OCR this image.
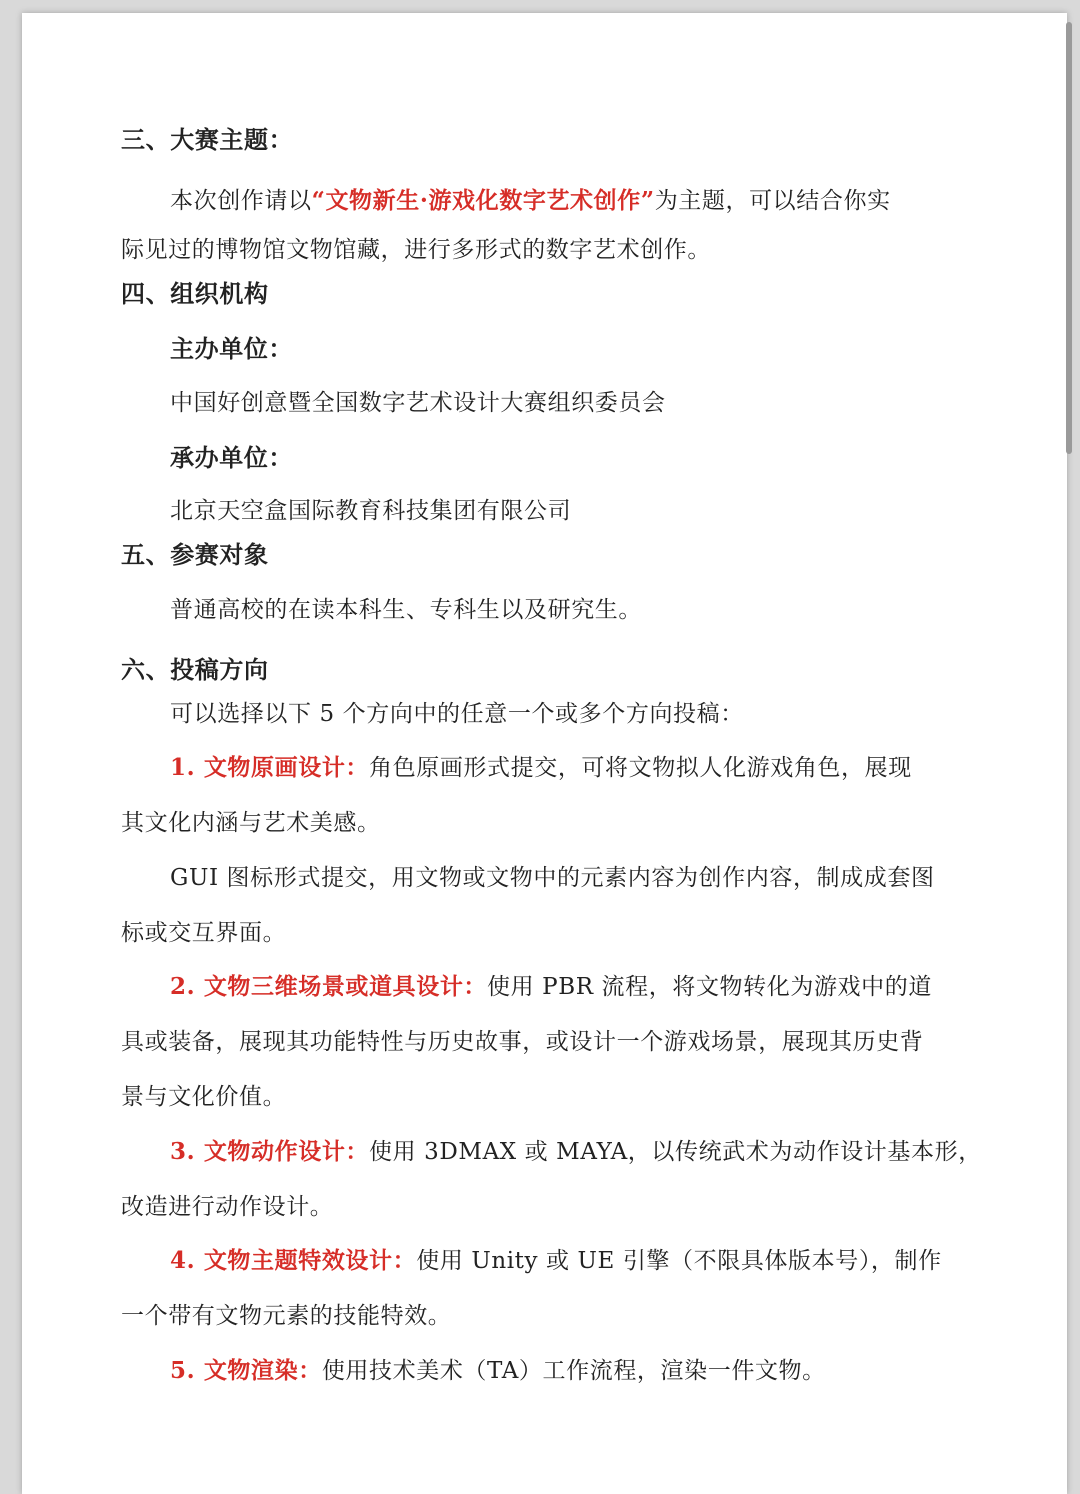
三、大赛主题：
本次创作请以“文物新生·游戏化数字艺术创作”为主题，可以结合你实
际见过的博物馆文物馆藏，进行多形式的数字艺术创作。
四、组织机构
主办单位：
中国好创意暨全国数字艺术设计大赛组织委员会
承办单位：
北京天空盒国际教育科技集团有限公司
五、参赛对象
普通高校的在读本科生、专科生以及研究生。
六、投稿方向
可以选择以下 5 个方向中的任意一个或多个方向投稿：
1. 文物原画设计：角色原画形式提交，可将文物拟人化游戏角色，展现
其文化内涵与艺术美感。
GUI 图标形式提交，用文物或文物中的元素内容为创作内容，制成成套图
标或交互界面。
2. 文物三维场景或道具设计：使用 PBR 流程，将文物转化为游戏中的道
具或装备，展现其功能特性与历史故事，或设计一个游戏场景，展现其历史背
景与文化价值。
3. 文物动作设计：使用 3DMAX 或 MAYA，以传统武术为动作设计基本形，
改造进行动作设计。
4. 文物主题特效设计：使用 Unity 或 UE 引擎（不限具体版本号），制作
一个带有文物元素的技能特效。
5. 文物渲染：使用技术美术（TA）工作流程，渲染一件文物。
